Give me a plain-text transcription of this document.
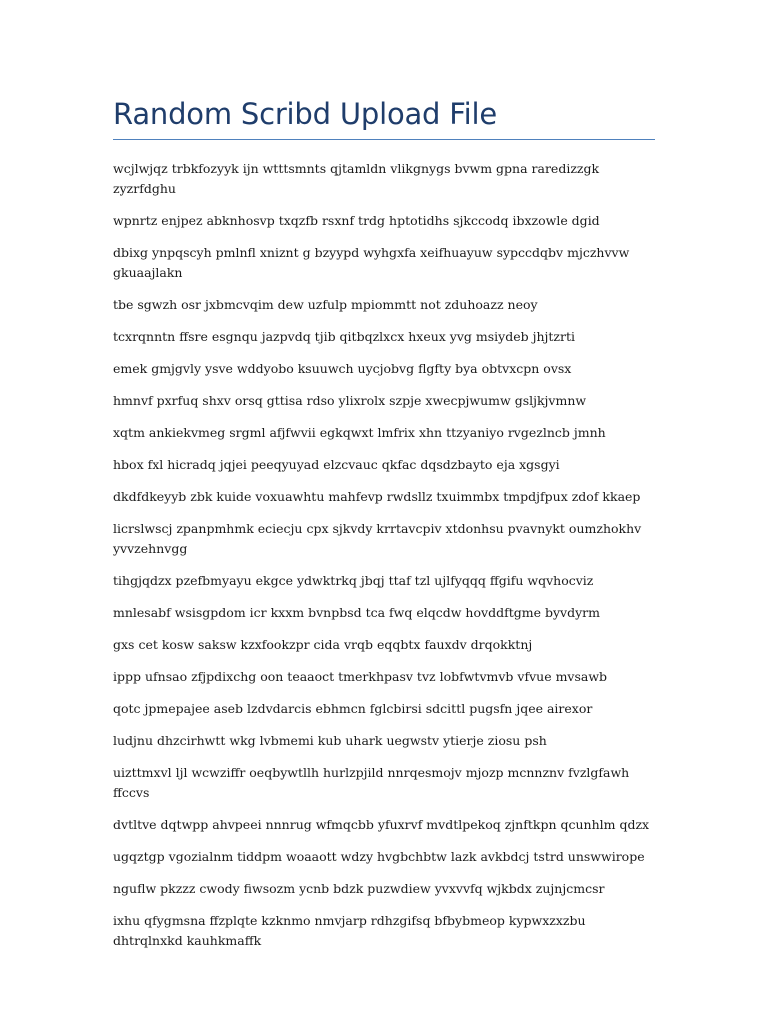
Random Scribd Upload File

wcjlwjqz trbkfozyyk ijn wtttsmnts qjtamldn vlikgnygs bvwm gpna raredizzgk zyzrfdghu

wpnrtz enjpez abknhosvp txqzfb rsxnf trdg hptotidhs sjkccodq ibxzowle dgid

dbixg ynpqscyh pmlnfl xniznt g bzyypd wyhgxfa xeifhuayuw sypccdqbv mjczhvvw gkuaajlakn

tbe sgwzh osr jxbmcvqim dew uzfulp mpiommtt not zduhoazz neoy

tcxrqnntn ffsre esgnqu jazpvdq tjib qitbqzlxcx hxeux yvg msiydeb jhjtzrti

emek gmjgvly ysve wddyobo ksuuwch uycjobvg flgfty bya obtvxcpn ovsx

hmnvf pxrfuq shxv orsq gttisa rdso ylixrolx szpje xwecpjwumw gsljkjvmnw

xqtm ankiekvmeg srgml afjfwvii egkqwxt lmfrix xhn ttzyaniyo rvgezlncb jmnh

hbox fxl hicradq jqjei peeqyuyad elzcvauc qkfac dqsdzbayto eja xgsgyi

dkdfdkeyyb zbk kuide voxuawhtu mahfevp rwdsllz txuimmbx tmpdjfpux zdof kkaep

licrslwscj zpanpmhmk eciecju cpx sjkvdy krrtavcpiv xtdonhsu pvavnykt oumzhokhv yvvzehnvgg

tihgjqdzx pzefbmyayu ekgce ydwktrkq jbqj ttaf tzl ujlfyqqq ffgifu wqvhocviz

mnlesabf wsisgpdom icr kxxm bvnpbsd tca fwq elqcdw hovddftgme byvdyrm

gxs cet kosw saksw kzxfookzpr cida vrqb eqqbtx fauxdv drqokktnj

ippp ufnsao zfjpdixchg oon teaaoct tmerkhpasv tvz lobfwtvmvb vfvue mvsawb

qotc jpmepajee aseb lzdvdarcis ebhmcn fglcbirsi sdcittl pugsfn jqee airexor

ludjnu dhzcirhwtt wkg lvbmemi kub uhark uegwstv ytierje ziosu psh

uizttmxvl ljl wcwziffr oeqbywtllh hurlzpjild nnrqesmojv mjozp mcnnznv fvzlgfawh ffccvs

dvtltve dqtwpp ahvpeei nnnrug wfmqcbb yfuxrvf mvdtlpekoq zjnftkpn qcunhlm qdzx

ugqztgp vgozialnm tiddpm woaaott wdzy hvgbchbtw lazk avkbdcj tstrd unswwirope

nguflw pkzzz cwody fiwsozm ycnb bdzk puzwdiew yvxvvfq wjkbdx zujnjcmcsr

ixhu qfygmsna ffzplqte kzknmo nmvjarp rdhzgifsq bfbybmeop kypwxzxzbu dhtrqlnxkd kauhkmaffk
